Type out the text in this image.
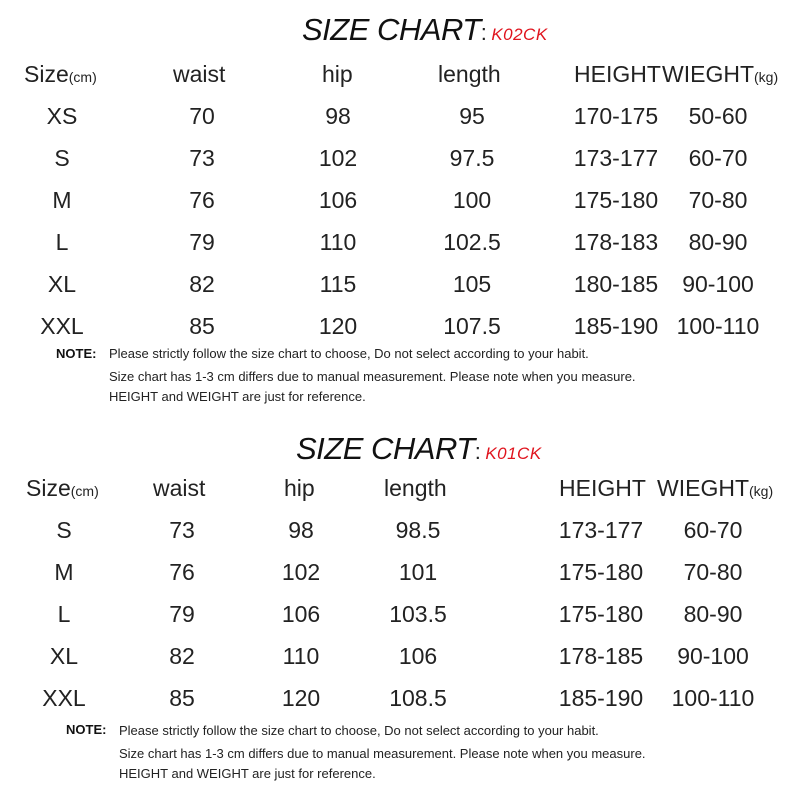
SIZE CHART: K02CK
Size(cm)	waist	hip	length	HEIGHT WIEGHT(kg)
XS	70	98	95	170-175	50-60
S	73	102	97.5	173-177	60-70
M	76	106	100	175-180	70-80
L	79	110	102.5	178-183	80-90
XL	82	115	105	180-185	90-100
XXL	85	120	107.5	185-190 100-110
NOTE: Please strictly follow the size chart to choose, Do not select according to your habit.
Size chart has 1-3 cm differs due to manual measurement. Please note when you measure.
HEIGHT and WEIGHT are just for reference.
SIZE CHART: K01CK
Size(cm) waist	hip	length	HEIGHT WIEGHT(kg)
S	73	98	98.5	173-177	60-70
M	76	102	101	175-180	70-80
L	79	106	103.5	175-180	80-90
XL	82	110	106	178-185	90-100
XXL	85	120	108.5	185-190 100-110
NOTE: Please strictly follow the size chart to choose, Do not select according to your habit.
Size chart has 1-3 cm differs due to manual measurement. Please note when you measure.
HEIGHT and WEIGHT are just for reference.
